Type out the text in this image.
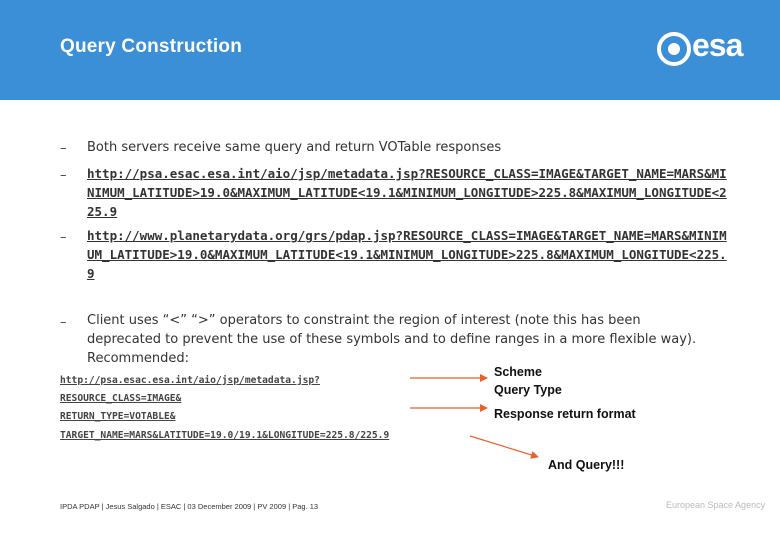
Query Construction	esa
– Both servers receive same query and return VOTable responses
– http://psa.esac.esa.int/aio/jsp/metadata.jsp?RESOURCE_CLASS=IMAGE&TARGET_NAME=MARS&MINIMUM_LATITUDE>19.0&MAXIMUM_LATITUDE<19.1&MINIMUM_LONGITUDE>225.8&MAXIMUM_LONGITUDE<225.9
– http://www.planetarydata.org/grs/pdap.jsp?RESOURCE_CLASS=IMAGE&TARGET_NAME=MARS&MINIMUM_LATITUDE>19.0&MAXIMUM_LATITUDE<19.1&MINIMUM_LONGITUDE>225.8&MAXIMUM_LONGITUDE<225.9
– Client uses “<” “>” operators to constraint the region of interest (note this has been deprecated to prevent the use of these symbols and to define ranges in a more flexible way). Recommended:
http://psa.esac.esa.int/aio/jsp/metadata.jsp?
RESOURCE_CLASS=IMAGE&
RETURN_TYPE=VOTABLE&
TARGET_NAME=MARS&LATITUDE=19.0/19.1&LONGITUDE=225.8/225.9
Scheme
Query Type
Response return format
And Query!!!
IPDA PDAP | Jesus Salgado | ESAC | 03 December 2009 | PV 2009 | Pag. 13	European Space Agency
